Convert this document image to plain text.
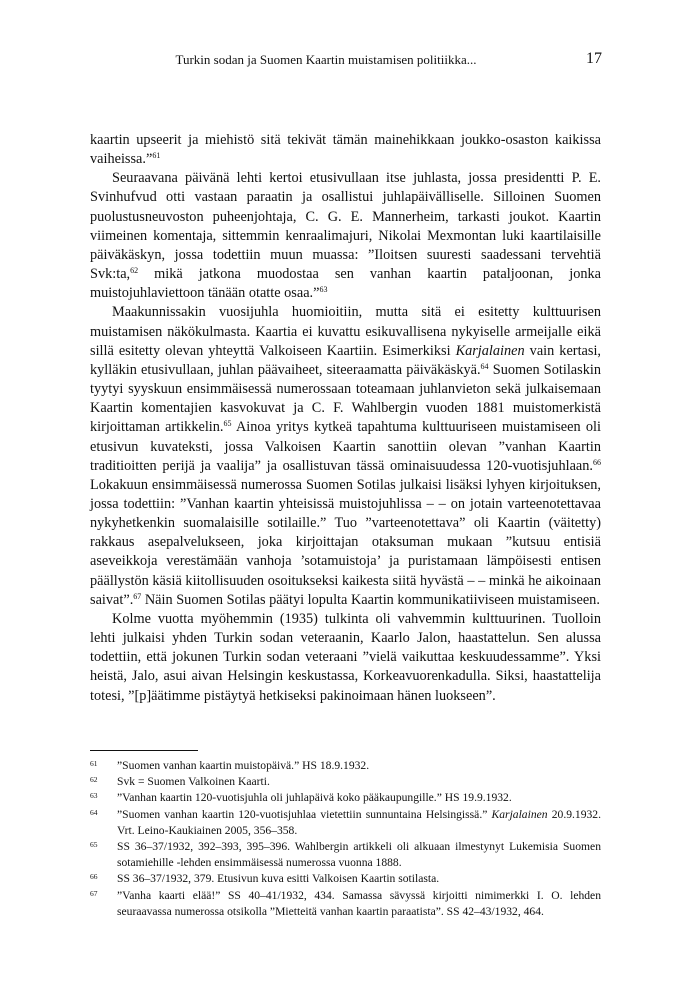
Turkin sodan ja Suomen Kaartin muistamisen politiikka...	17

kaartin upseerit ja miehistö sitä tekivät tämän mainehikkaan joukko-osaston kaikissa vaiheissa.”$^{61}$

Seuraavana päivänä lehti kertoi etusivullaan itse juhlasta, jossa presidentti P. E. Svinhufvud otti vastaan paraatin ja osallistui juhlapäivälliselle. Silloinen Suomen puolustusneuvoston puheenjohtaja, C. G. E. Mannerheim, tarkasti joukot. Kaartin viimeinen komentaja, sittemmin kenraalimajuri, Nikolai Mexmontan luki kaartilaisille päiväkäskyn, jossa todettiin muun muassa: ”Iloitsen suuresti saadessani tervehtiä Svk:ta,$^{62}$ mikä jatkona muodostaa sen vanhan kaartin pataljoonan, jonka muistojuhlaviettoon tänään otatte osaa.”$^{63}$

Maakunnissakin vuosijuhla huomioitiin, mutta sitä ei esitetty kulttuurisen muistamisen näkökulmasta. Kaartia ei kuvattu esikuvallisena nykyiselle armeijalle eikä sillä esitetty olevan yhteyttä Valkoiseen Kaartiin. Esimerkiksi Karjalainen vain kertasi, kylläkin etusivullaan, juhlan päävaiheet, siteeraamatta päiväkäskyä.$^{64}$ Suomen Sotilaskin tyytyi syyskuun ensimmäisessä numerossaan toteamaan juhlanvieton sekä julkaisemaan Kaartin komentajien kasvokuvat ja C. F. Wahlbergin vuoden 1881 muistomerkistä kirjoittaman artikkelin.$^{65}$ Ainoa yritys kytkeä tapahtuma kulttuuriseen muistamiseen oli etusivun kuvateksti, jossa Valkoisen Kaartin sanottiin olevan ”vanhan Kaartin traditioitten perijä ja vaalija” ja osallistuvan tässä ominaisuudessa 120-vuotisjuhlaan.$^{66}$ Lokakuun ensimmäisessä numerossa Suomen Sotilas julkaisi lisäksi lyhyen kirjoituksen, jossa todettiin: ”Vanhan kaartin yhteisissä muistojuhlissa – – on jotain varteenotettavaa nykyhetkenkin suomalaisille sotilaille.” Tuo ”varteenotettava” oli Kaartin (väitetty) rakkaus asepalvelukseen, joka kirjoittajan otaksuman mukaan ”kutsuu entisiä aseveikkoja verestämään vanhoja ’sotamuistoja’ ja puristamaan lämpöisesti entisen päällystön käsiä kiitollisuuden osoitukseksi kaikesta siitä hyvästä – – minkä he aikoinaan saivat”.$^{67}$ Näin Suomen Sotilas päätyi lopulta Kaartin kommunikatiiviseen muistamiseen.

Kolme vuotta myöhemmin (1935) tulkinta oli vahvemmin kulttuurinen. Tuolloin lehti julkaisi yhden Turkin sodan veteraanin, Kaarlo Jalon, haastattelun. Sen alussa todettiin, että jokunen Turkin sodan veteraani ”vielä vaikuttaa keskuudessamme”. Yksi heistä, Jalo, asui aivan Helsingin keskustassa, Korkeavuorenkadulla. Siksi, haastattelija totesi, ”[p]äätimme pistäytyä hetkiseksi pakinoimaan hänen luokseen”.

61 ”Suomen vanhan kaartin muistopäivä.” HS 18.9.1932.
62 Svk = Suomen Valkoinen Kaarti.
63 ”Vanhan kaartin 120-vuotisjuhla oli juhlapäivä koko pääkaupungille.” HS 19.9.1932.
64 ”Suomen vanhan kaartin 120-vuotisjuhlaa vietettiin sunnuntaina Helsingissä.” Karjalainen 20.9.1932. Vrt. Leino-Kaukiainen 2005, 356–358.
65 SS 36–37/1932, 392–393, 395–396. Wahlbergin artikkeli oli alkuaan ilmestynyt Lukemisia Suomen sotamiehille -lehden ensimmäisessä numerossa vuonna 1888.
66 SS 36–37/1932, 379. Etusivun kuva esitti Valkoisen Kaartin sotilasta.
67 ”Vanha kaarti elää!” SS 40–41/1932, 434. Samassa sävyssä kirjoitti nimimerkki I. O. lehden seuraavassa numerossa otsikolla ”Mietteitä vanhan kaartin paraatista”. SS 42–43/1932, 464.
